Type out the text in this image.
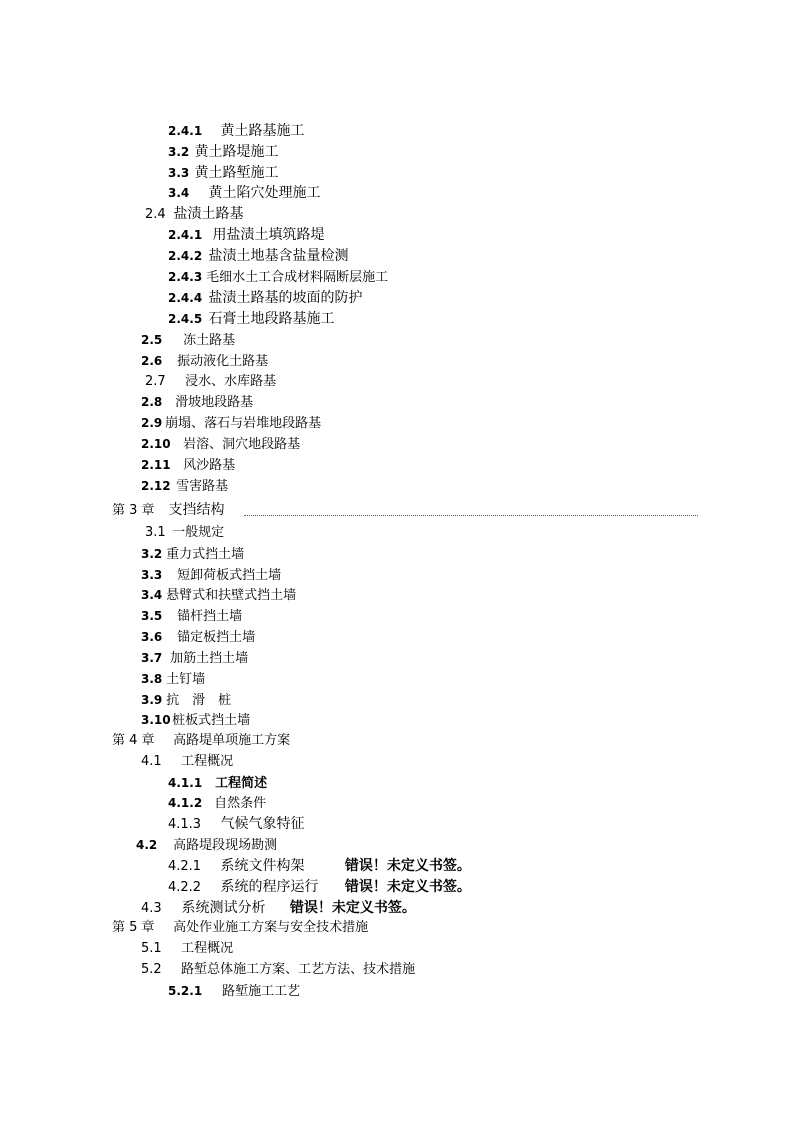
2.4.1 黄土路基施工
3.2 黄土路堤施工
3.3 黄土路堑施工
3.4 黄土陷穴处理施工
2.4 盐渍土路基
2.4.1 用盐渍土填筑路堤
2.4.2 盐渍土地基含盐量检测
2.4.3 毛细水土工合成材料隔断层施工
2.4.4 盐渍土路基的坡面的防护
2.4.5 石膏土地段路基施工
2.5 冻土路基
2.6 振动液化土路基
2.7 浸水、水库路基
2.8 滑坡地段路基
2.9 崩塌、落石与岩堆地段路基
2.10 岩溶、洞穴地段路基
2.11 风沙路基
2.12 雪害路基
第 3 章 支挡结构
3.1 一般规定
3.2 重力式挡土墙
3.3 短卸荷板式挡土墙
3.4 悬臂式和扶壁式挡土墙
3.5 锚杆挡土墙
3.6 锚定板挡土墙
3.7 加筋土挡土墙
3.8 土钉墙
3.9 抗　滑　桩
3.10 桩板式挡土墙
第 4 章 高路堤单项施工方案
4.1 工程概况
4.1.1 工程简述
4.1.2 自然条件
4.1.3 气候气象特征
4.2 高路堤段现场勘测
4.2.1 系统文件构架	错误！未定义书签。
4.2.2 系统的程序运行 错误！未定义书签。
4.3 系统测试分析 错误！未定义书签。
第 5 章 高处作业施工方案与安全技术措施
5.1 工程概况
5.2 路堑总体施工方案、工艺方法、技术措施
5.2.1 路堑施工工艺
